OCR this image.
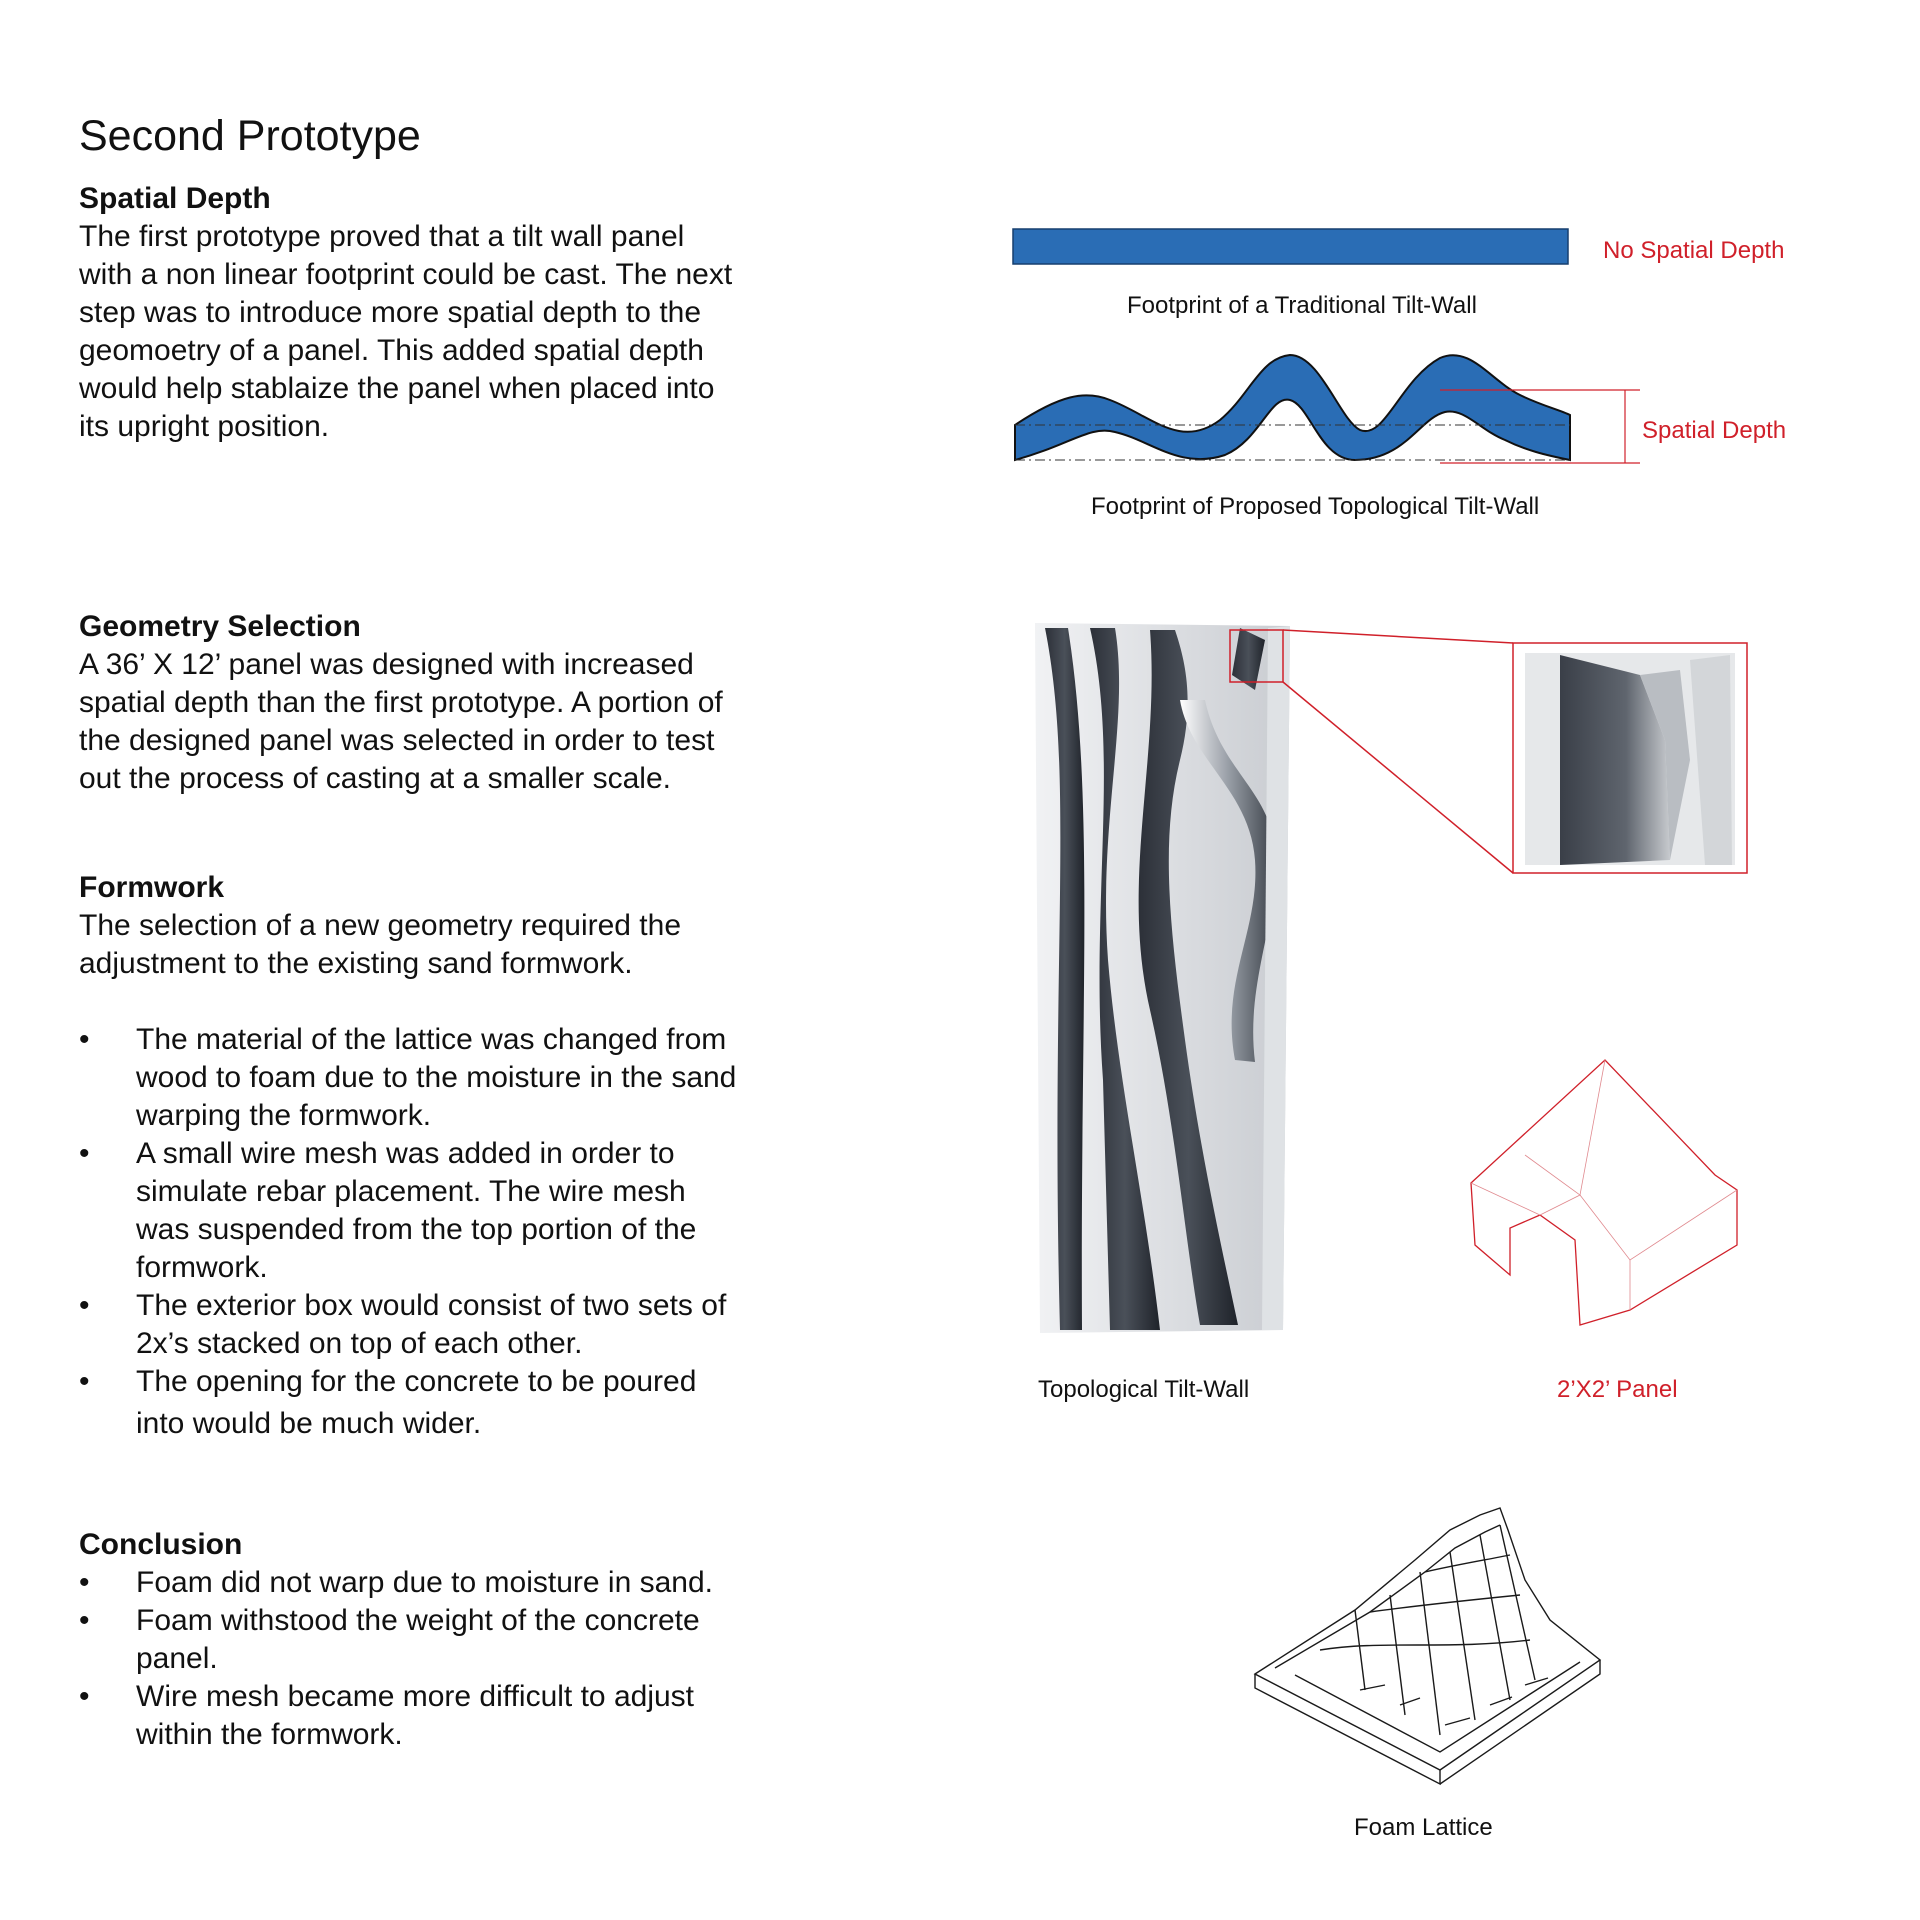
Second Prototype
Spatial Depth
The first prototype proved that a tilt wall panel
with a non linear footprint could be cast. The next
step was to introduce more spatial depth to the
geomoetry of a panel. This added spatial depth
would help stablaize the panel when placed into
its upright position.
Geometry Selection
A 36’ X 12’ panel was designed with increased
spatial depth than the first prototype. A portion of
the designed panel was selected in order to test
out the process of casting at a smaller scale.
Formwork
The selection of a new geometry required the
adjustment to the existing sand formwork.
• The material of the lattice was changed from
wood to foam due to the moisture in the sand
warping the formwork.
• A small wire mesh was added in order to
simulate rebar placement. The wire mesh
was suspended from the top portion of the
formwork.
• The exterior box would consist of two sets of
2x’s stacked on top of each other.
• The opening for the concrete to be poured
into would be much wider.
Conclusion
• Foam did not warp due to moisture in sand.
• Foam withstood the weight of the concrete
panel.
• Wire mesh became more difficult to adjust
within the formwork.
No Spatial Depth
Footprint of a Traditional Tilt-Wall
Spatial Depth
Footprint of Proposed Topological Tilt-Wall
Topological Tilt-Wall	2’X2’ Panel
Foam Lattice
